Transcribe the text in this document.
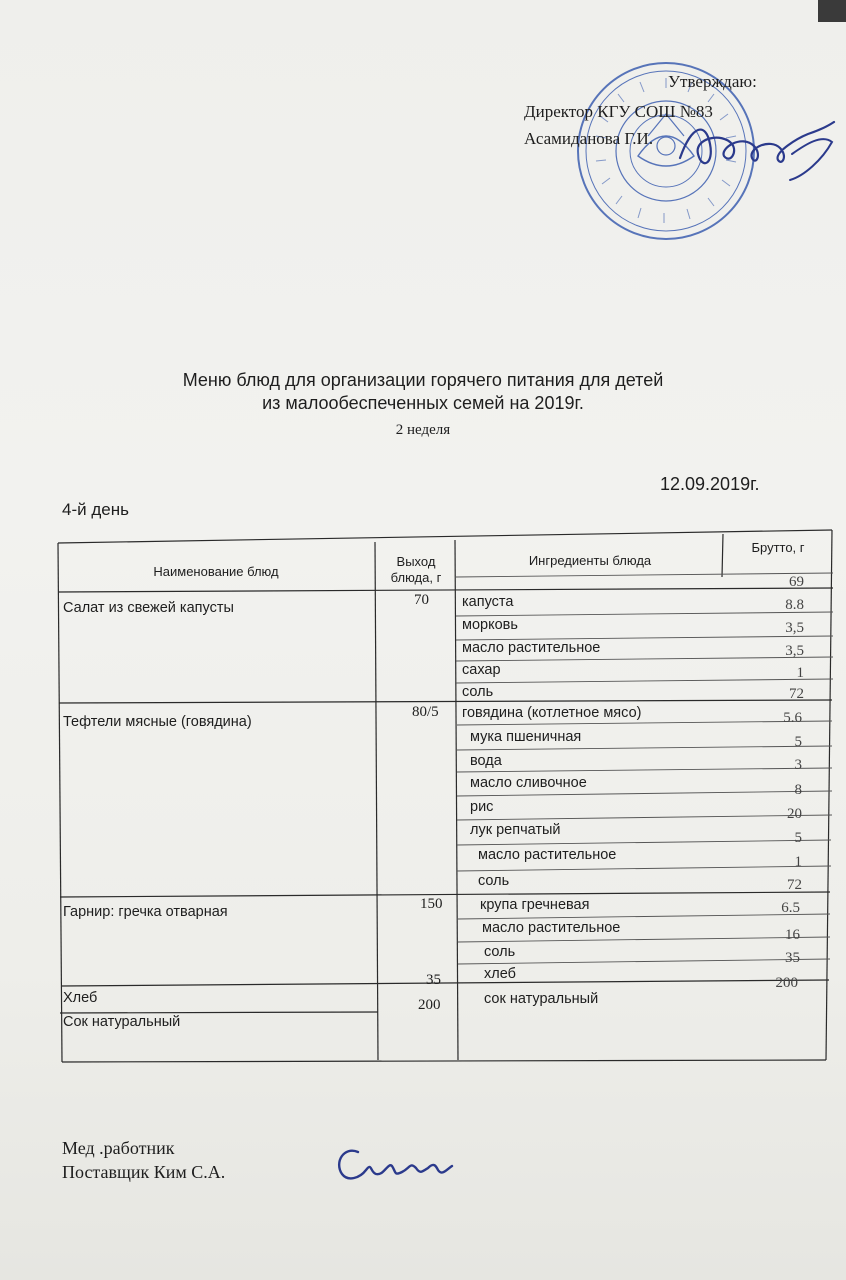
Утверждаю:
Директор КГУ СОШ №83
Асамиданова Г.И.
Меню блюд для организации горячего питания для детей
из малообеспеченных семей на 2019г.
2 неделя
12.09.2019г.
4-й день
Наименование блюд
Выход
блюда, г
Ингредиенты блюда
Брутто, г
Салат из свежей капусты
Тефтели мясные (говядина)
Гарнир: гречка отварная
Хлеб
Сок натуральный
70
80/5
150
35
200
капуста
морковь
масло растительное
сахар
соль
говядина (котлетное мясо)
мука пшеничная
вода
масло сливочное
рис
лук репчатый
масло растительное
соль
крупа гречневая
масло растительное
соль
хлеб
сок натуральный
69
8.8
3,5
3,5
1
72
5.6
5
3
8
20
5
1
72
6.5
16
35
200
Мед .работник
Поставщик Ким С.А.
